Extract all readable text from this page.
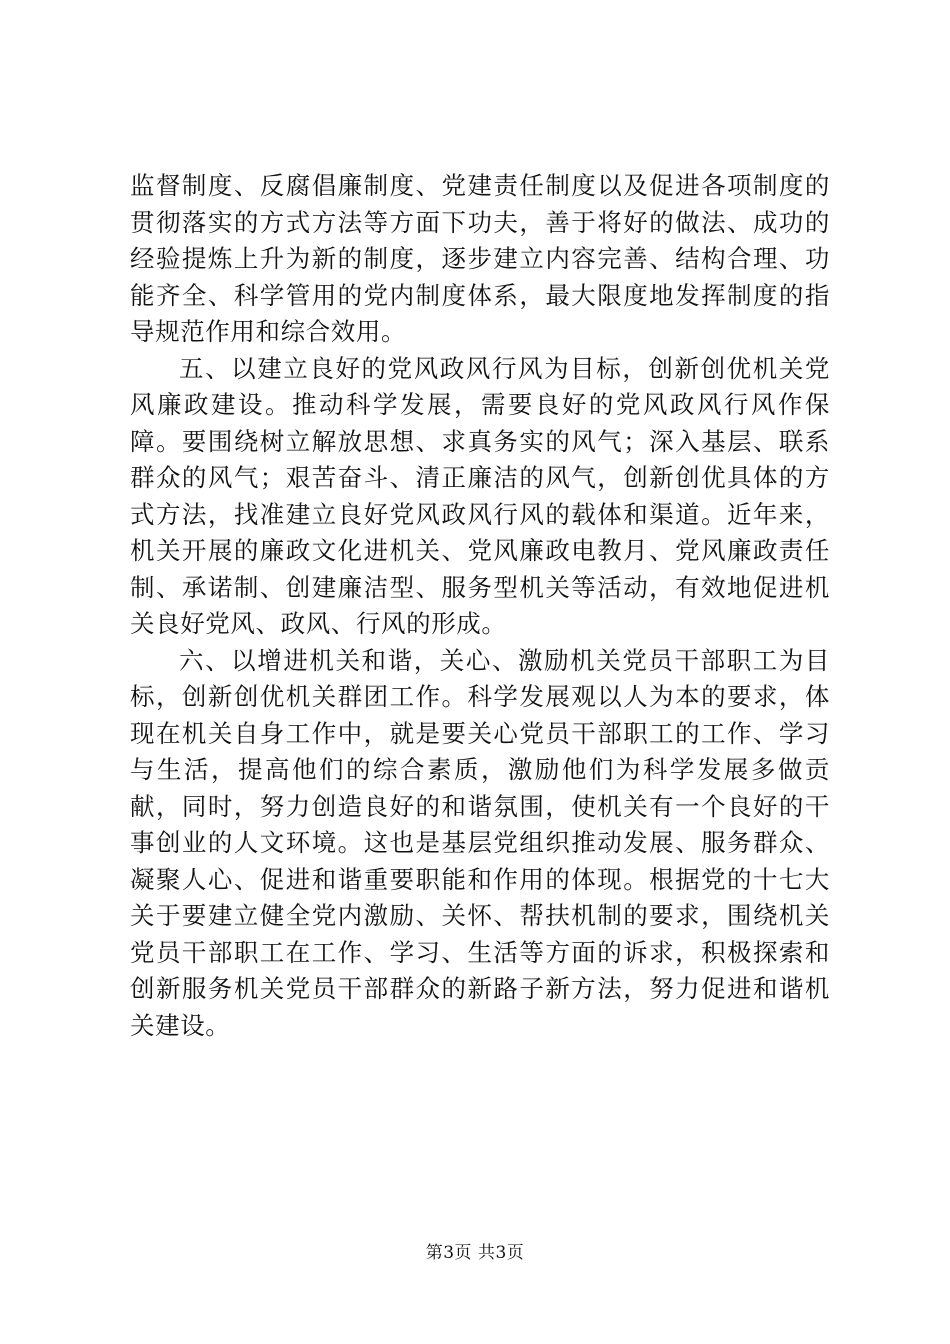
监督制度、反腐倡廉制度、党建责任制度以及促进各项制度的贯彻落实的方式方法等方面下功夫，善于将好的做法、成功的经验提炼上升为新的制度，逐步建立内容完善、结构合理、功能齐全、科学管用的党内制度体系，最大限度地发挥制度的指导规范作用和综合效用。

五、以建立良好的党风政风行风为目标，创新创优机关党风廉政建设。推动科学发展，需要良好的党风政风行风作保障。要围绕树立解放思想、求真务实的风气；深入基层、联系群众的风气；艰苦奋斗、清正廉洁的风气，创新创优具体的方式方法，找准建立良好党风政风行风的载体和渠道。近年来，机关开展的廉政文化进机关、党风廉政电教月、党风廉政责任制、承诺制、创建廉洁型、服务型机关等活动，有效地促进机关良好党风、政风、行风的形成。

六、以增进机关和谐，关心、激励机关党员干部职工为目标，创新创优机关群团工作。科学发展观以人为本的要求，体现在机关自身工作中，就是要关心党员干部职工的工作、学习与生活，提高他们的综合素质，激励他们为科学发展多做贡献，同时，努力创造良好的和谐氛围，使机关有一个良好的干事创业的人文环境。这也是基层党组织推动发展、服务群众、凝聚人心、促进和谐重要职能和作用的体现。根据党的十七大关于要建立健全党内激励、关怀、帮扶机制的要求，围绕机关党员干部职工在工作、学习、生活等方面的诉求，积极探索和创新服务机关党员干部群众的新路子新方法，努力促进和谐机关建设。

第3页 共3页
